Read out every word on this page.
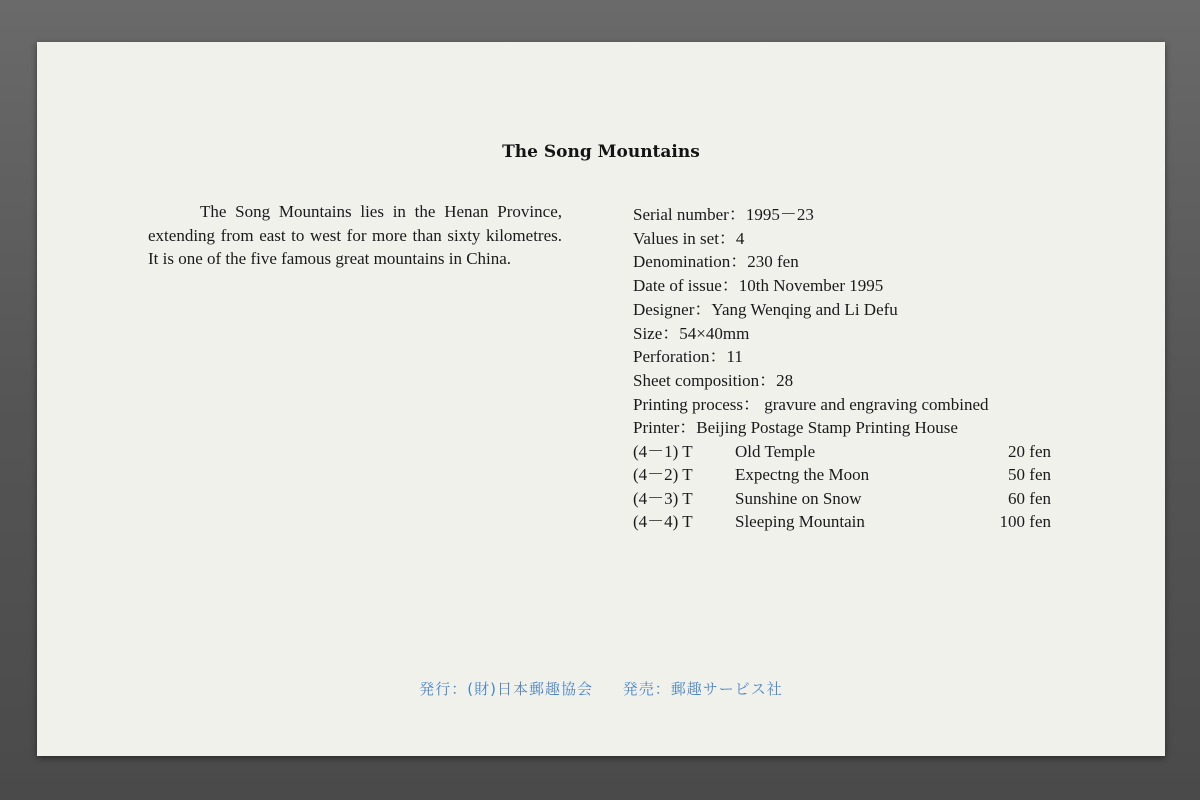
The Song Mountains
The Song Mountains lies in the Henan Province, extending from east to west for more than sixty kilometres. It is one of the five famous great mountains in China.
Serial number：1995－23
Values in set：4
Denomination：230 fen
Date of issue：10th November 1995
Designer：Yang Wenqing and Li Defu
Size：54×40mm
Perforation：11
Sheet composition：28
Printing process： gravure and engraving combined
Printer：Beijing Postage Stamp Printing House
(4－1) T	Old Temple	20 fen
(4－2) T	Expectng the Moon	50 fen
(4－3) T	Sunshine on Snow	60 fen
(4－4) T	Sleeping Mountain	100 fen
発行：(財)日本郵趣協会 発売：郵趣サービス社
